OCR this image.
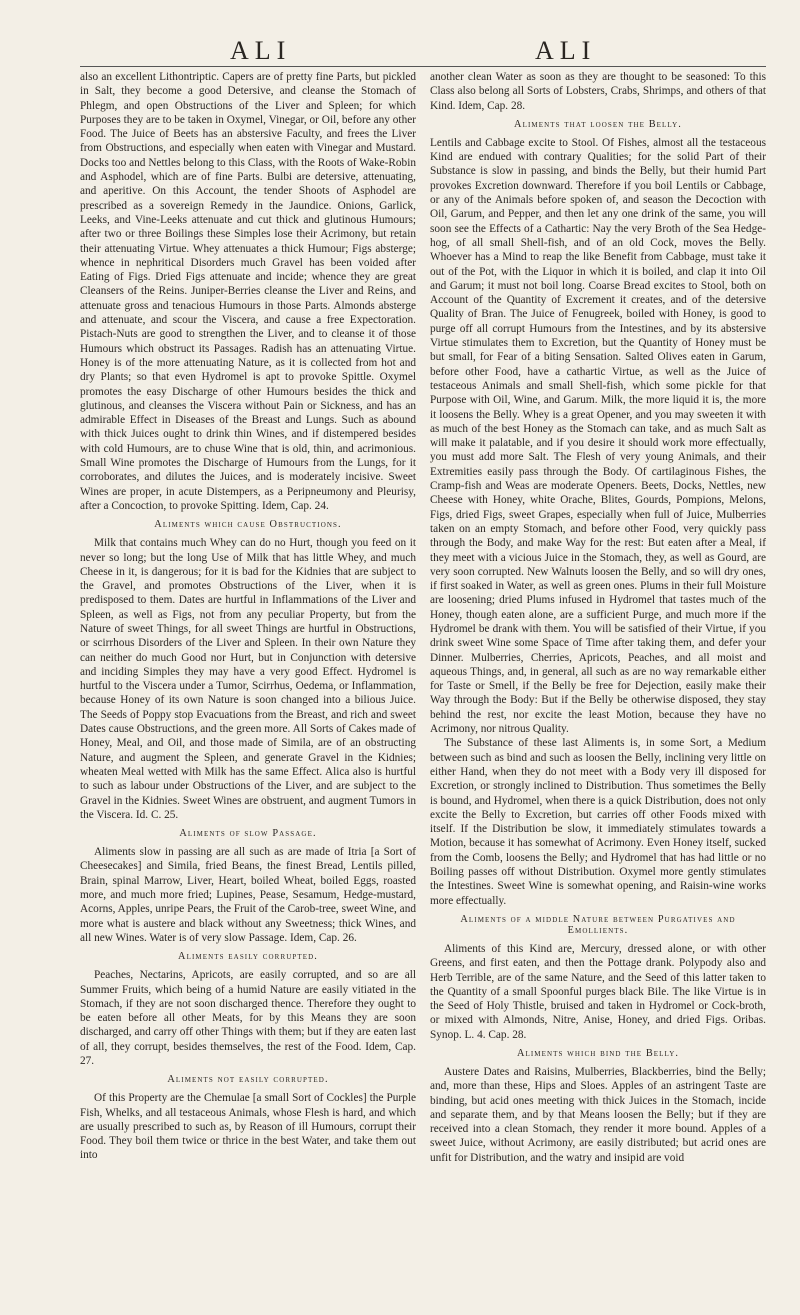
ALI	ALI

also an excellent Lithontriptic. Capers are of pretty fine Parts, but pickled in Salt, they become a good Detersive, and cleanse the Stomach of Phlegm, and open Obstructions of the Liver and Spleen; for which Purposes they are to be taken in Oxymel, Vinegar, or Oil, before any other Food. The Juice of Beets has an abstersive Faculty, and frees the Liver from Obstructions, and especially when eaten with Vinegar and Mustard. Docks too and Nettles belong to this Class, with the Roots of Wake-Robin and Asphodel, which are of fine Parts. Bulbi are detersive, attenuating, and aperitive. On this Account, the tender Shoots of Asphodel are prescribed as a sovereign Remedy in the Jaundice. Onions, Garlick, Leeks, and Vine-Leeks attenuate and cut thick and glutinous Humours; after two or three Boilings these Simples lose their Acrimony, but retain their attenuating Virtue. Whey attenuates a thick Humour; Figs absterge; whence in nephritical Disorders much Gravel has been voided after Eating of Figs. Dried Figs attenuate and incide; whence they are great Cleansers of the Reins. Juniper-Berries cleanse the Liver and Reins, and attenuate gross and tenacious Humours in those Parts. Almonds absterge and attenuate, and scour the Viscera, and cause a free Expectoration. Pistach-Nuts are good to strengthen the Liver, and to cleanse it of those Humours which obstruct its Passages. Radish has an attenuating Virtue. Honey is of the more attenuating Nature, as it is collected from hot and dry Plants; so that even Hydromel is apt to provoke Spittle. Oxymel promotes the easy Discharge of other Humours besides the thick and glutinous, and cleanses the Viscera without Pain or Sickness, and has an admirable Effect in Diseases of the Breast and Lungs. Such as abound with thick Juices ought to drink thin Wines, and if distempered besides with cold Humours, are to chuse Wine that is old, thin, and acrimonious. Small Wine promotes the Discharge of Humours from the Lungs, for it corroborates, and dilutes the Juices, and is moderately incisive. Sweet Wines are proper, in acute Distempers, as a Peripneumony and Pleurisy, after a Concoction, to provoke Spitting. Idem, Cap. 24.

Aliments which cause Obstructions.

Milk that contains much Whey can do no Hurt, though you feed on it never so long; but the long Use of Milk that has little Whey, and much Cheese in it, is dangerous; for it is bad for the Kidnies that are subject to the Gravel, and promotes Obstructions of the Liver, when it is predisposed to them. Dates are hurtful in Inflammations of the Liver and Spleen, as well as Figs, not from any peculiar Property, but from the Nature of sweet Things, for all sweet Things are hurtful in Obstructions, or scirrhous Disorders of the Liver and Spleen. In their own Nature they can neither do much Good nor Hurt, but in Conjunction with detersive and inciding Simples they may have a very good Effect. Hydromel is hurtful to the Viscera under a Tumor, Scirrhus, Oedema, or Inflammation, because Honey of its own Nature is soon changed into a bilious Juice. The Seeds of Poppy stop Evacuations from the Breast, and rich and sweet Dates cause Obstructions, and the green more. All Sorts of Cakes made of Honey, Meal, and Oil, and those made of Simila, are of an obstructing Nature, and augment the Spleen, and generate Gravel in the Kidnies; wheaten Meal wetted with Milk has the same Effect. Alica also is hurtful to such as labour under Obstructions of the Liver, and are subject to the Gravel in the Kidnies. Sweet Wines are obstruent, and augment Tumors in the Viscera. Id. C. 25.

Aliments of slow Passage.

Aliments slow in passing are all such as are made of Itria [a Sort of Cheesecakes] and Simila, fried Beans, the finest Bread, Lentils pilled, Brain, spinal Marrow, Liver, Heart, boiled Wheat, boiled Eggs, roasted more, and much more fried; Lupines, Pease, Sesamum, Hedge-mustard, Acorns, Apples, unripe Pears, the Fruit of the Carob-tree, sweet Wine, and more what is austere and black without any Sweetness; thick Wines, and all new Wines. Water is of very slow Passage. Idem, Cap. 26.

Aliments easily corrupted.

Peaches, Nectarins, Apricots, are easily corrupted, and so are all Summer Fruits, which being of a humid Nature are easily vitiated in the Stomach, if they are not soon discharged thence. Therefore they ought to be eaten before all other Meats, for by this Means they are soon discharged, and carry off other Things with them; but if they are eaten last of all, they corrupt, besides themselves, the rest of the Food. Idem, Cap. 27.

Aliments not easily corrupted.

Of this Property are the Chemulae [a small Sort of Cockles] the Purple Fish, Whelks, and all testaceous Animals, whose Flesh is hard, and which are usually prescribed to such as, by Reason of ill Humours, corrupt their Food. They boil them twice or thrice in the best Water, and take them out into

another clean Water as soon as they are thought to be seasoned: To this Class also belong all Sorts of Lobsters, Crabs, Shrimps, and others of that Kind. Idem, Cap. 28.

Aliments that loosen the Belly.

Lentils and Cabbage excite to Stool. Of Fishes, almost all the testaceous Kind are endued with contrary Qualities; for the solid Part of their Substance is slow in passing, and binds the Belly, but their humid Part provokes Excretion downward. Therefore if you boil Lentils or Cabbage, or any of the Animals before spoken of, and season the Decoction with Oil, Garum, and Pepper, and then let any one drink of the same, you will soon see the Effects of a Cathartic: Nay the very Broth of the Sea Hedge-hog, of all small Shell-fish, and of an old Cock, moves the Belly. Whoever has a Mind to reap the like Benefit from Cabbage, must take it out of the Pot, with the Liquor in which it is boiled, and clap it into Oil and Garum; it must not boil long. Coarse Bread excites to Stool, both on Account of the Quantity of Excrement it creates, and of the detersive Quality of Bran. The Juice of Fenugreek, boiled with Honey, is good to purge off all corrupt Humours from the Intestines, and by its abstersive Virtue stimulates them to Excretion, but the Quantity of Honey must be but small, for Fear of a biting Sensation. Salted Olives eaten in Garum, before other Food, have a cathartic Virtue, as well as the Juice of testaceous Animals and small Shell-fish, which some pickle for that Purpose with Oil, Wine, and Garum. Milk, the more liquid it is, the more it loosens the Belly. Whey is a great Opener, and you may sweeten it with as much of the best Honey as the Stomach can take, and as much Salt as will make it palatable, and if you desire it should work more effectually, you must add more Salt. The Flesh of very young Animals, and their Extremities easily pass through the Body. Of cartilaginous Fishes, the Cramp-fish and Weas are moderate Openers. Beets, Docks, Nettles, new Cheese with Honey, white Orache, Blites, Gourds, Pompions, Melons, Figs, dried Figs, sweet Grapes, especially when full of Juice, Mulberries taken on an empty Stomach, and before other Food, very quickly pass through the Body, and make Way for the rest: But eaten after a Meal, if they meet with a vicious Juice in the Stomach, they, as well as Gourd, are very soon corrupted. New Walnuts loosen the Belly, and so will dry ones, if first soaked in Water, as well as green ones. Plums in their full Moisture are loosening; dried Plums infused in Hydromel that tastes much of the Honey, though eaten alone, are a sufficient Purge, and much more if the Hydromel be drank with them. You will be satisfied of their Virtue, if you drink sweet Wine some Space of Time after taking them, and defer your Dinner. Mulberries, Cherries, Apricots, Peaches, and all moist and aqueous Things, and, in general, all such as are no way remarkable either for Taste or Smell, if the Belly be free for Dejection, easily make their Way through the Body: But if the Belly be otherwise disposed, they stay behind the rest, nor excite the least Motion, because they have no Acrimony, nor nitrous Quality.

The Substance of these last Aliments is, in some Sort, a Medium between such as bind and such as loosen the Belly, inclining very little on either Hand, when they do not meet with a Body very ill disposed for Excretion, or strongly inclined to Distribution. Thus sometimes the Belly is bound, and Hydromel, when there is a quick Distribution, does not only excite the Belly to Excretion, but carries off other Foods mixed with itself. If the Distribution be slow, it immediately stimulates towards a Motion, because it has somewhat of Acrimony. Even Honey itself, sucked from the Comb, loosens the Belly; and Hydromel that has had little or no Boiling passes off without Distribution. Oxymel more gently stimulates the Intestines. Sweet Wine is somewhat opening, and Raisin-wine works more effectually.

Aliments of a middle Nature between Purgatives and Emollients.

Aliments of this Kind are, Mercury, dressed alone, or with other Greens, and first eaten, and then the Pottage drank. Polypody also and Herb Terrible, are of the same Nature, and the Seed of this latter taken to the Quantity of a small Spoonful purges black Bile. The like Virtue is in the Seed of Holy Thistle, bruised and taken in Hydromel or Cock-broth, or mixed with Almonds, Nitre, Anise, Honey, and dried Figs. Oribas. Synop. L. 4. Cap. 28.

Aliments which bind the Belly.

Austere Dates and Raisins, Mulberries, Blackberries, bind the Belly; and, more than these, Hips and Sloes. Apples of an astringent Taste are binding, but acid ones meeting with thick Juices in the Stomach, incide and separate them, and by that Means loosen the Belly; but if they are received into a clean Stomach, they render it more bound. Apples of a sweet Juice, without Acrimony, are easily distributed; but acrid ones are unfit for Distribution, and the watry and insipid are void
